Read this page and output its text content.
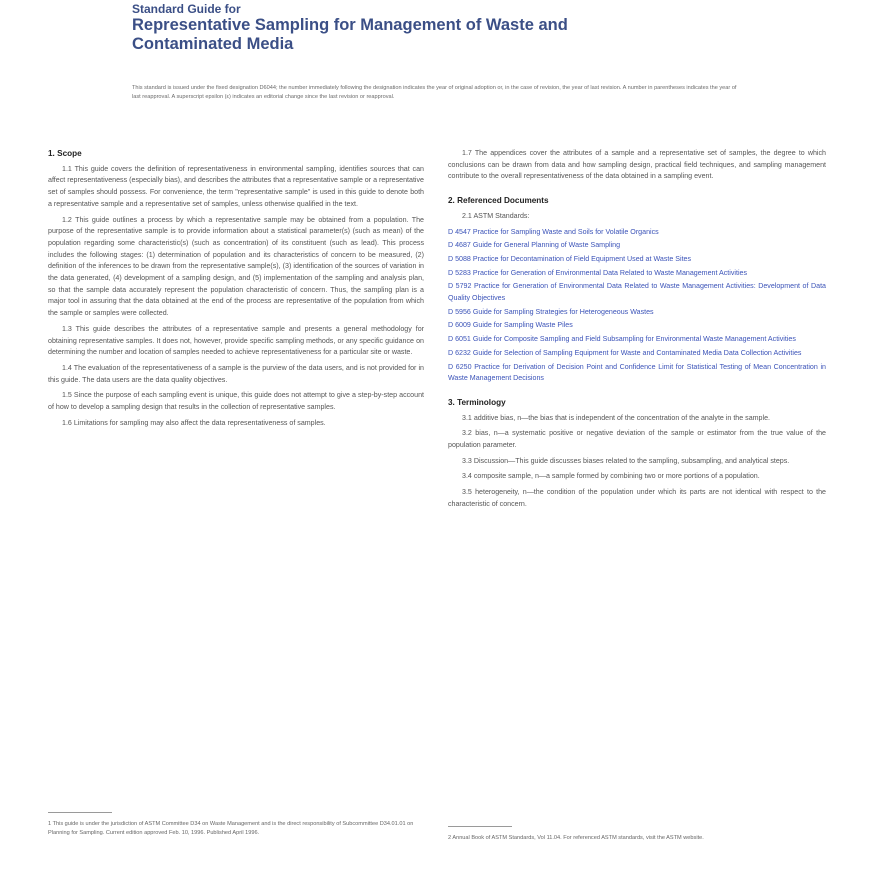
Standard Guide for
Representative Sampling for Management of Waste and
Contaminated Media
This standard is issued under the fixed designation D6044; the number immediately following the designation indicates the year of original adoption or, in the case of revision, the year of last revision. A number in parentheses indicates the year of last reapproval. A superscript epsilon (ε) indicates an editorial change since the last revision or reapproval.
1. Scope

1.1 This guide covers the definition of representativeness in environmental sampling, identifies sources that can affect representativeness (especially bias), and describes the attributes that a representative sample or a representative set of samples should possess. For convenience, the term "representative sample" is used in this guide to denote both a representative sample and a representative set of samples, unless otherwise qualified in the text.

1.2 This guide outlines a process by which a representative sample may be obtained from a population. The purpose of the representative sample is to provide information about a statistical parameter(s) (such as mean) of the population regarding some characteristic(s) (such as concentration) of its constituent (such as lead). This process includes the following stages: (1) determination of population and its characteristics of concern to be measured, (2) definition of the inferences to be drawn from the representative sample(s), (3) identification of the sources of variation in the data generated, (4) development of a sampling design, and (5) implementation of the sampling and analysis plan, so that the sample data accurately represent the population characteristic of concern. Thus, the sampling plan is a major tool in assuring that the data obtained at the end of the process are representative of the population from which the sample or samples were collected.

1.3 This guide describes the attributes of a representative sample and presents a general methodology for obtaining representative samples. It does not, however, provide specific sampling methods, or any specific guidance on determining the number and location of samples needed to achieve representativeness for a particular site or waste.

1.4 The evaluation of the representativeness of a sample is the purview of the data users, and is not provided for in this guide. The data users are the data quality objectives.

1.5 Since the purpose of each sampling event is unique, this guide does not attempt to give a step-by-step account of how to develop a sampling design that results in the collection of representative samples.

1.6 Limitations for sampling may also affect the data representativeness of samples.

1.7 The appendices cover the attributes of a sample and a representative set of samples, the degree to which conclusions can be drawn from data and how sampling design, practical field techniques, and sampling management contribute to the overall representativeness of the data obtained in a sampling event.

2. Referenced Documents

2.1 ASTM Standards:

D 4547 Practice for Sampling Waste and Soils for Volatile Organics
D 4687 Guide for General Planning of Waste Sampling
D 5088 Practice for Decontamination of Field Equipment Used at Waste Sites
D 5283 Practice for Generation of Environmental Data Related to Waste Management Activities
D 5792 Practice for Generation of Environmental Data Related to Waste Management Activities: Development of Data Quality Objectives
D 5956 Guide for Sampling Strategies for Heterogeneous Wastes
D 6009 Guide for Sampling Waste Piles
D 6051 Guide for Composite Sampling and Field Subsampling for Environmental Waste Management Activities
D 6232 Guide for Selection of Sampling Equipment for Waste and Contaminated Media Data Collection Activities
D 6250 Practice for Derivation of Decision Point and Confidence Limit for Statistical Testing of Mean Concentration in Waste Management Decisions
3. Terminology

3.1 additive bias, n—the bias that is independent of the concentration of the analyte in the sample.

3.2 bias, n—a systematic positive or negative deviation of the sample or estimator from the true value of the population parameter.

3.3 Discussion—This guide discusses biases related to the sampling, subsampling, and analytical steps.

3.4 composite sample, n—a sample formed by combining two or more portions of a population.

3.5 heterogeneity, n—the condition of the population under which its parts are not identical with respect to the characteristic of concern.

1 This guide is under the jurisdiction of ASTM Committee D34 on Waste Management and is the direct responsibility of Subcommittee D34.01.01 on Planning for Sampling. Current edition approved Feb. 10, 1996. Published April 1996.
2 Annual Book of ASTM Standards, Vol 11.04. For referenced ASTM standards, visit the ASTM website.
